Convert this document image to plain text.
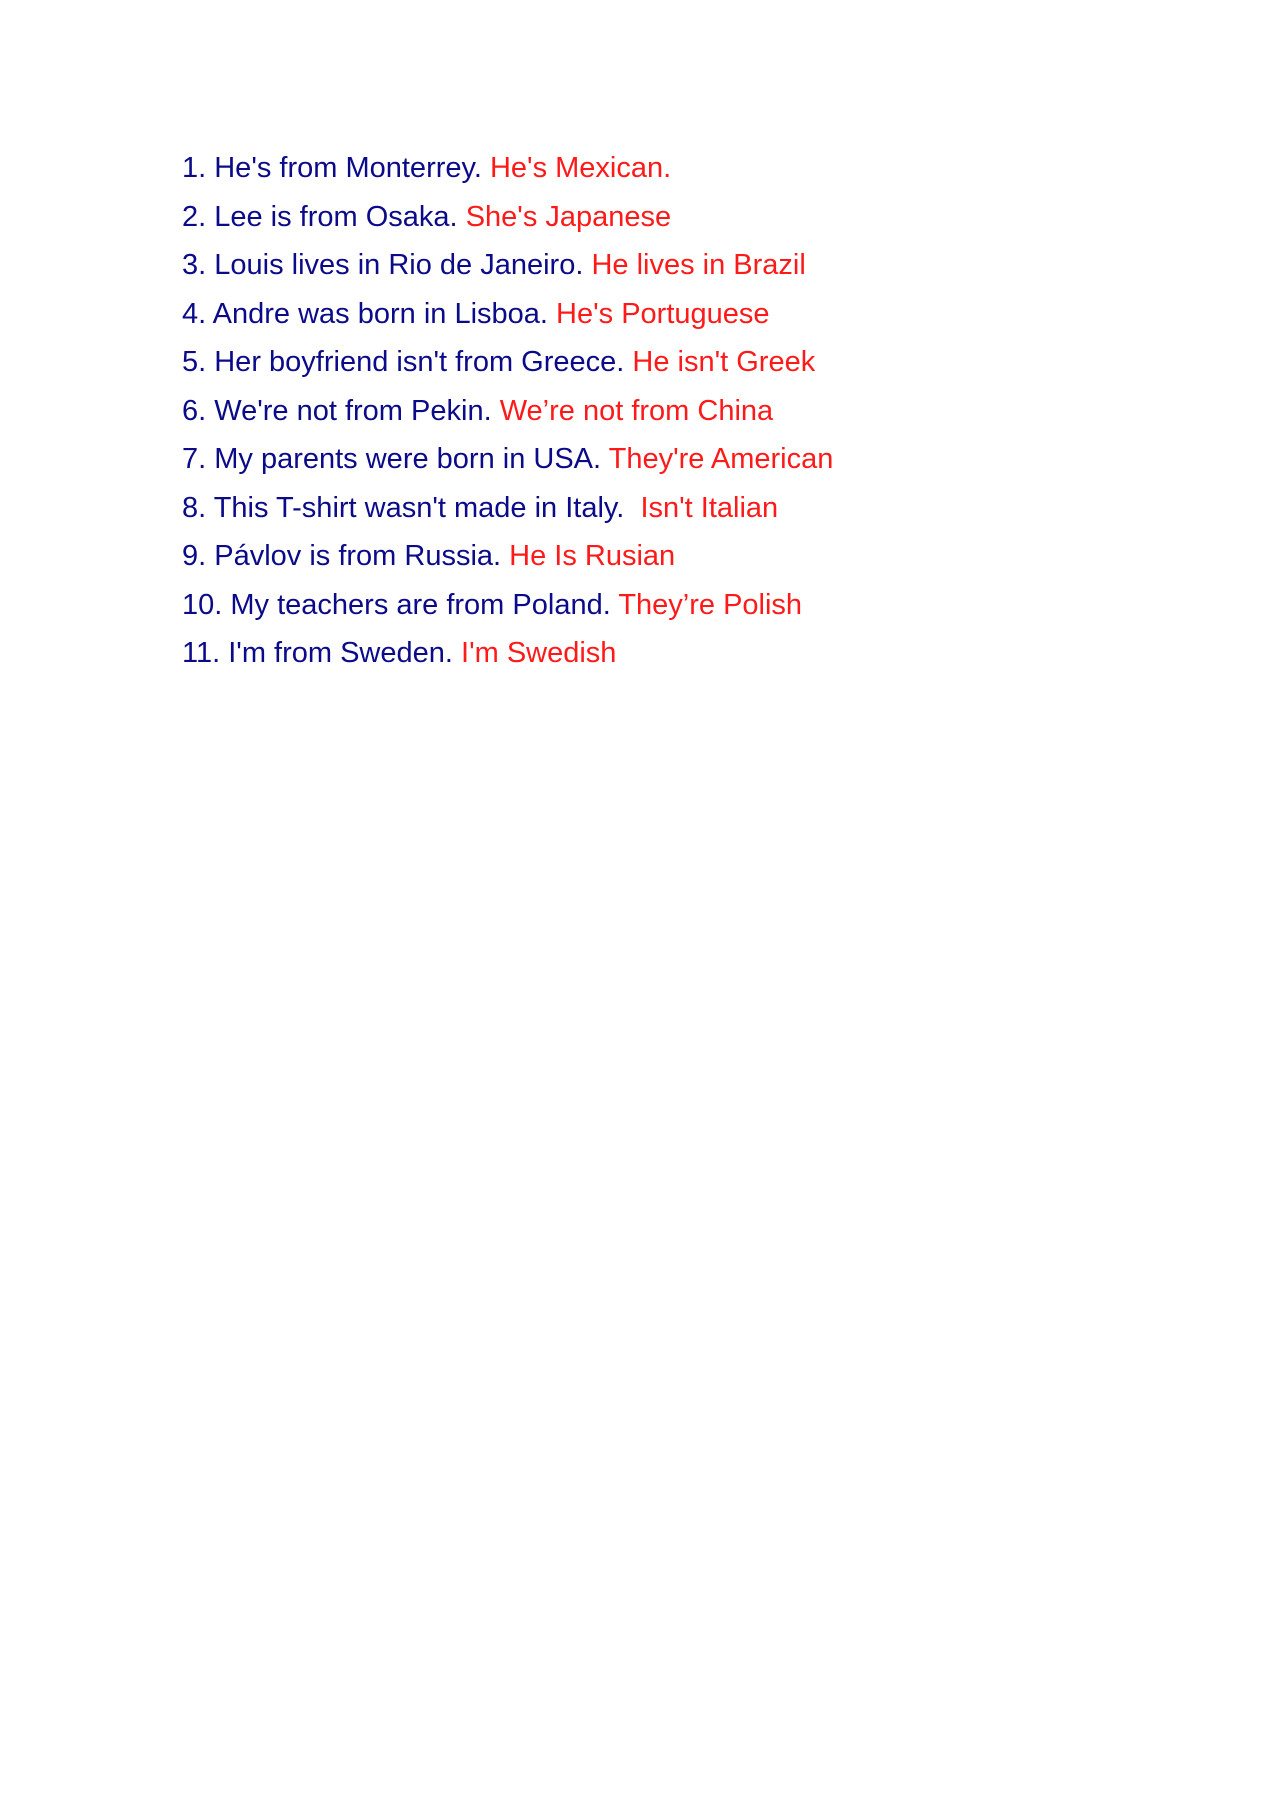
1. He's from Monterrey. He's Mexican.
2. Lee is from Osaka. She's Japanese
3. Louis lives in Rio de Janeiro. He lives in Brazil
4. Andre was born in Lisboa. He's Portuguese
5. Her boyfriend isn't from Greece. He isn't Greek
6. We're not from Pekin. We’re not from China
7. My parents were born in USA. They're American
8. This T-shirt wasn't made in Italy.  Isn't Italian
9. Pávlov is from Russia. He Is Rusian
10. My teachers are from Poland. They’re Polish
11. I'm from Sweden. I'm Swedish
